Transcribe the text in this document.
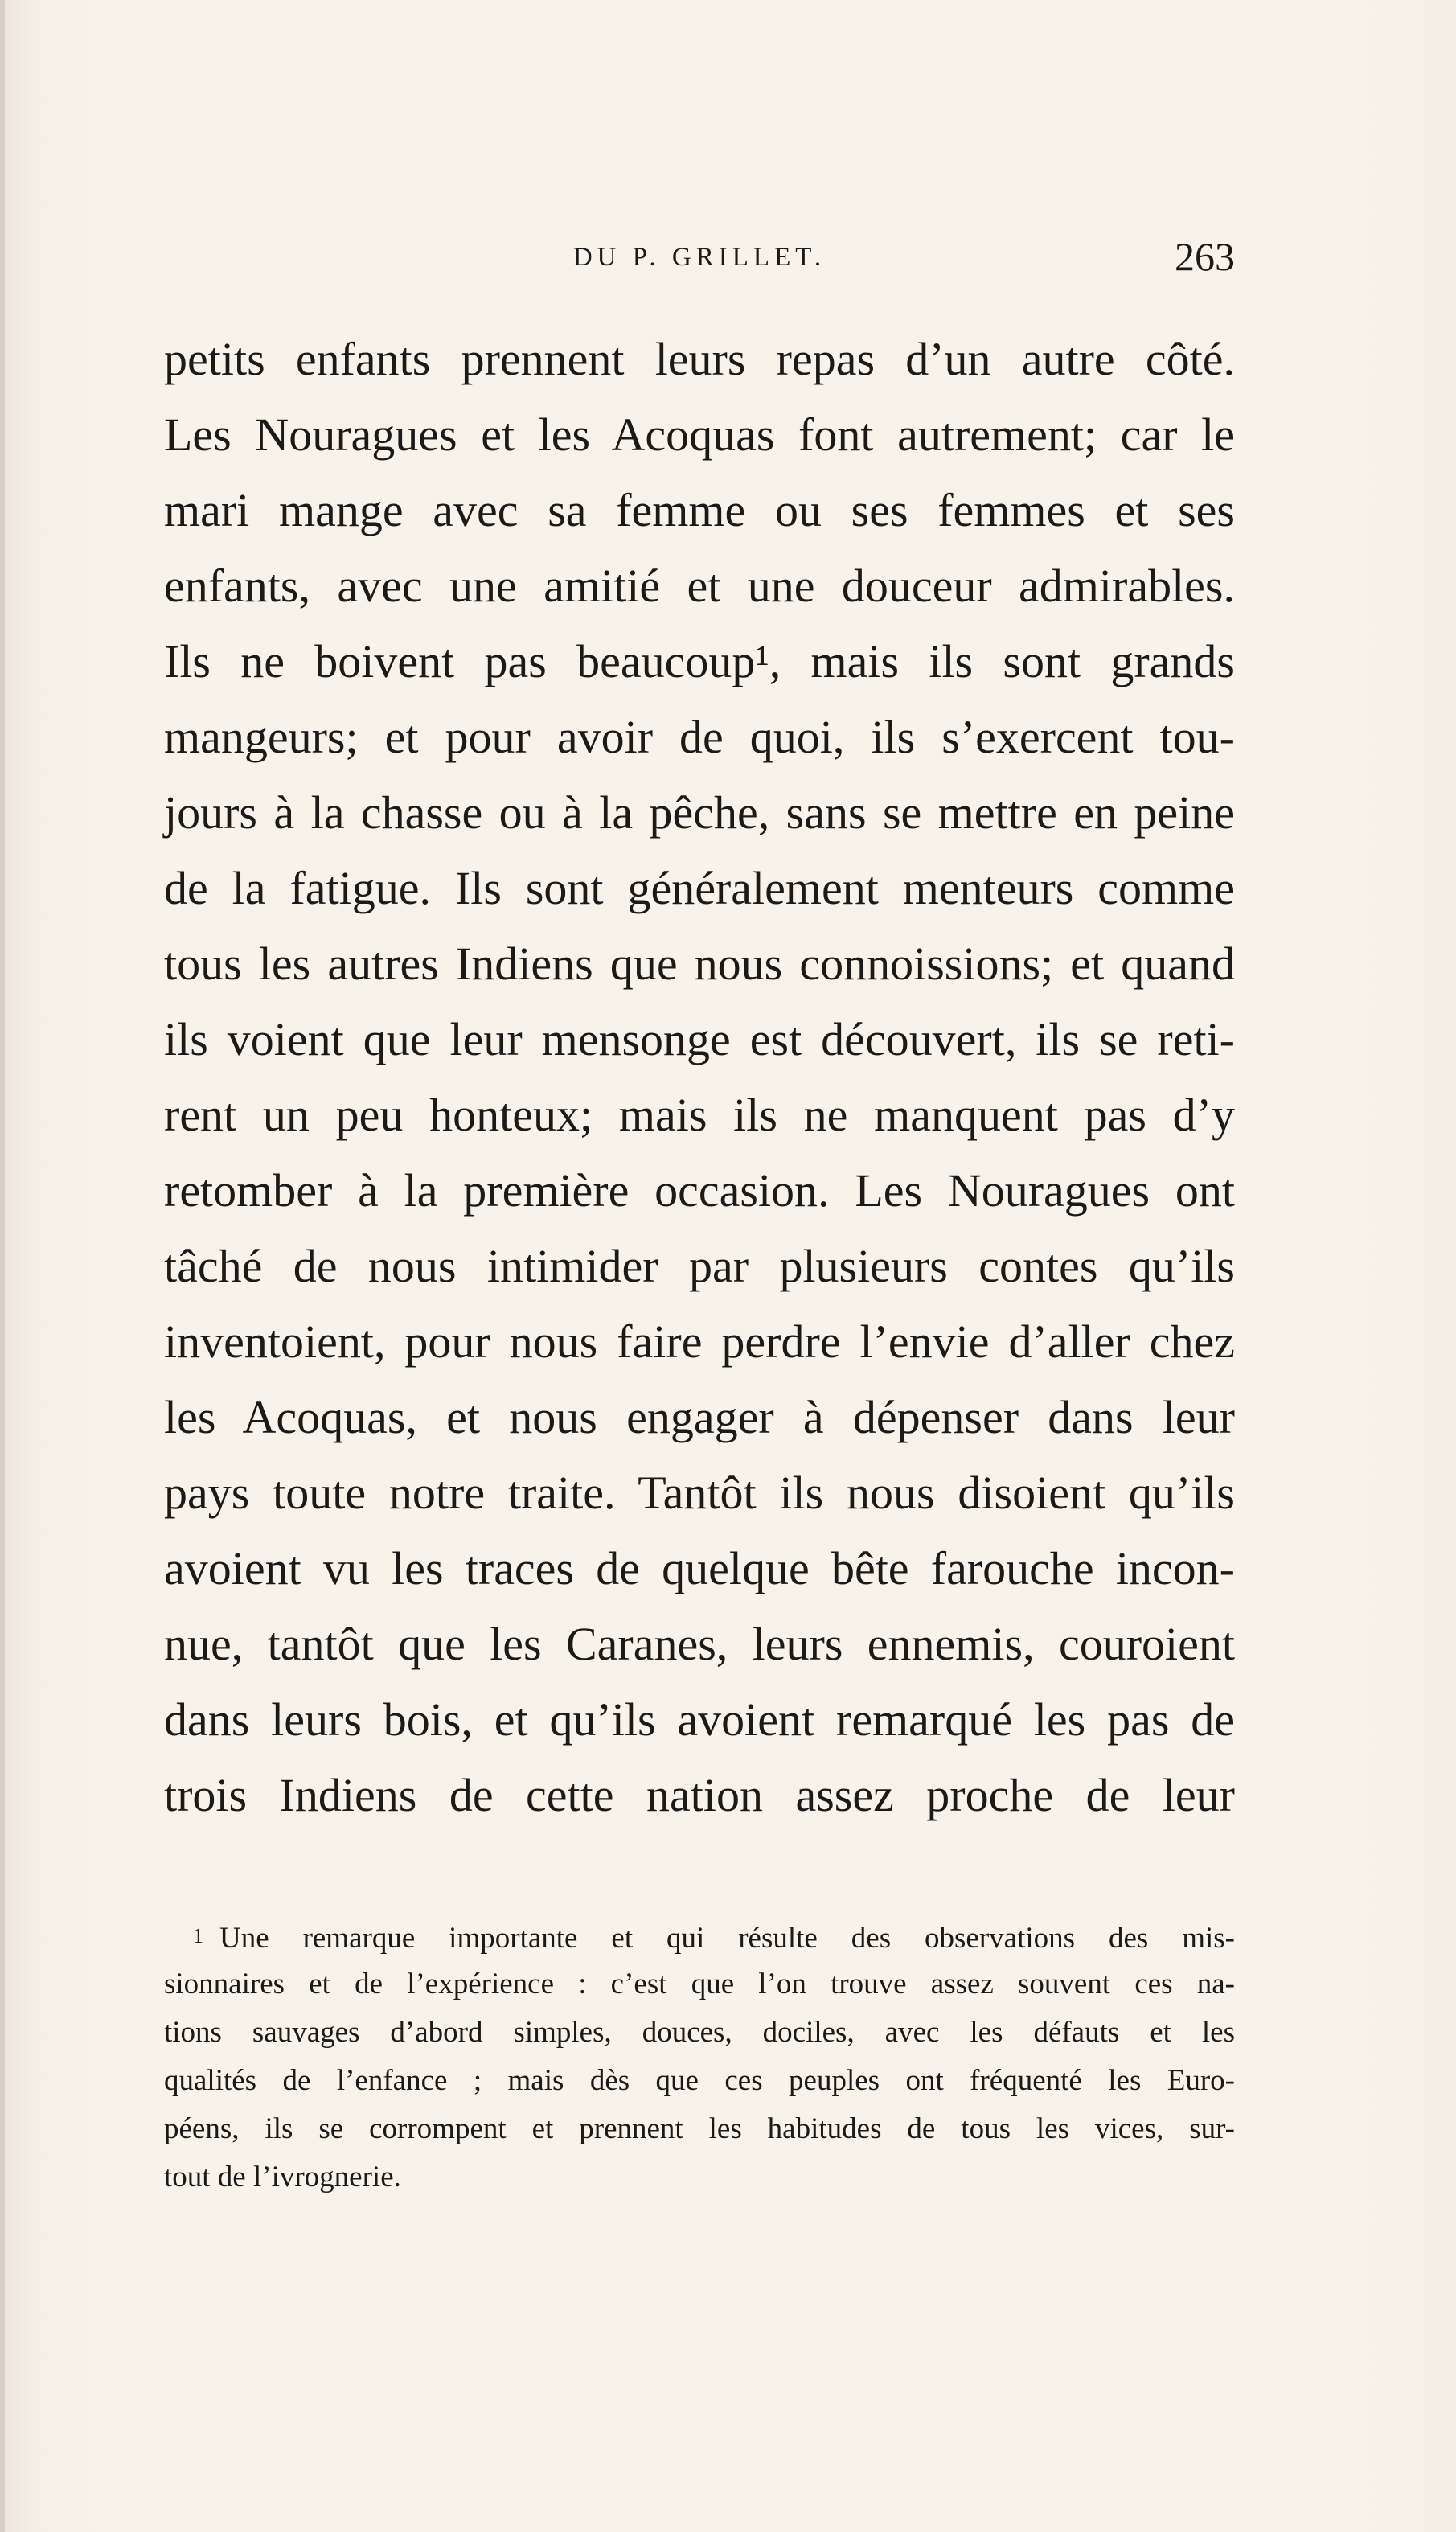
DU P. GRILLET.	263
petits enfants prennent leurs repas d’un autre côté.
Les Nouragues et les Acoquas font autrement; car le
mari mange avec sa femme ou ses femmes et ses
enfants, avec une amitié et une douceur admirables.
Ils ne boivent pas beaucoup¹, mais ils sont grands
mangeurs; et pour avoir de quoi, ils s’exercent tou-
jours à la chasse ou à la pêche, sans se mettre en peine
de la fatigue. Ils sont généralement menteurs comme
tous les autres Indiens que nous connoissions; et quand
ils voient que leur mensonge est découvert, ils se reti-
rent un peu honteux; mais ils ne manquent pas d’y
retomber à la première occasion. Les Nouragues ont
tâché de nous intimider par plusieurs contes qu’ils
inventoient, pour nous faire perdre l’envie d’aller chez
les Acoquas, et nous engager à dépenser dans leur
pays toute notre traite. Tantôt ils nous disoient qu’ils
avoient vu les traces de quelque bête farouche incon-
nue, tantôt que les Caranes, leurs ennemis, couroient
dans leurs bois, et qu’ils avoient remarqué les pas de
trois Indiens de cette nation assez proche de leur
1 Une remarque importante et qui résulte des observations des mis-
sionnaires et de l’expérience : c’est que l’on trouve assez souvent ces na-
tions sauvages d’abord simples, douces, dociles, avec les défauts et les
qualités de l’enfance ; mais dès que ces peuples ont fréquenté les Euro-
péens, ils se corrompent et prennent les habitudes de tous les vices, sur-
tout de l’ivrognerie.
